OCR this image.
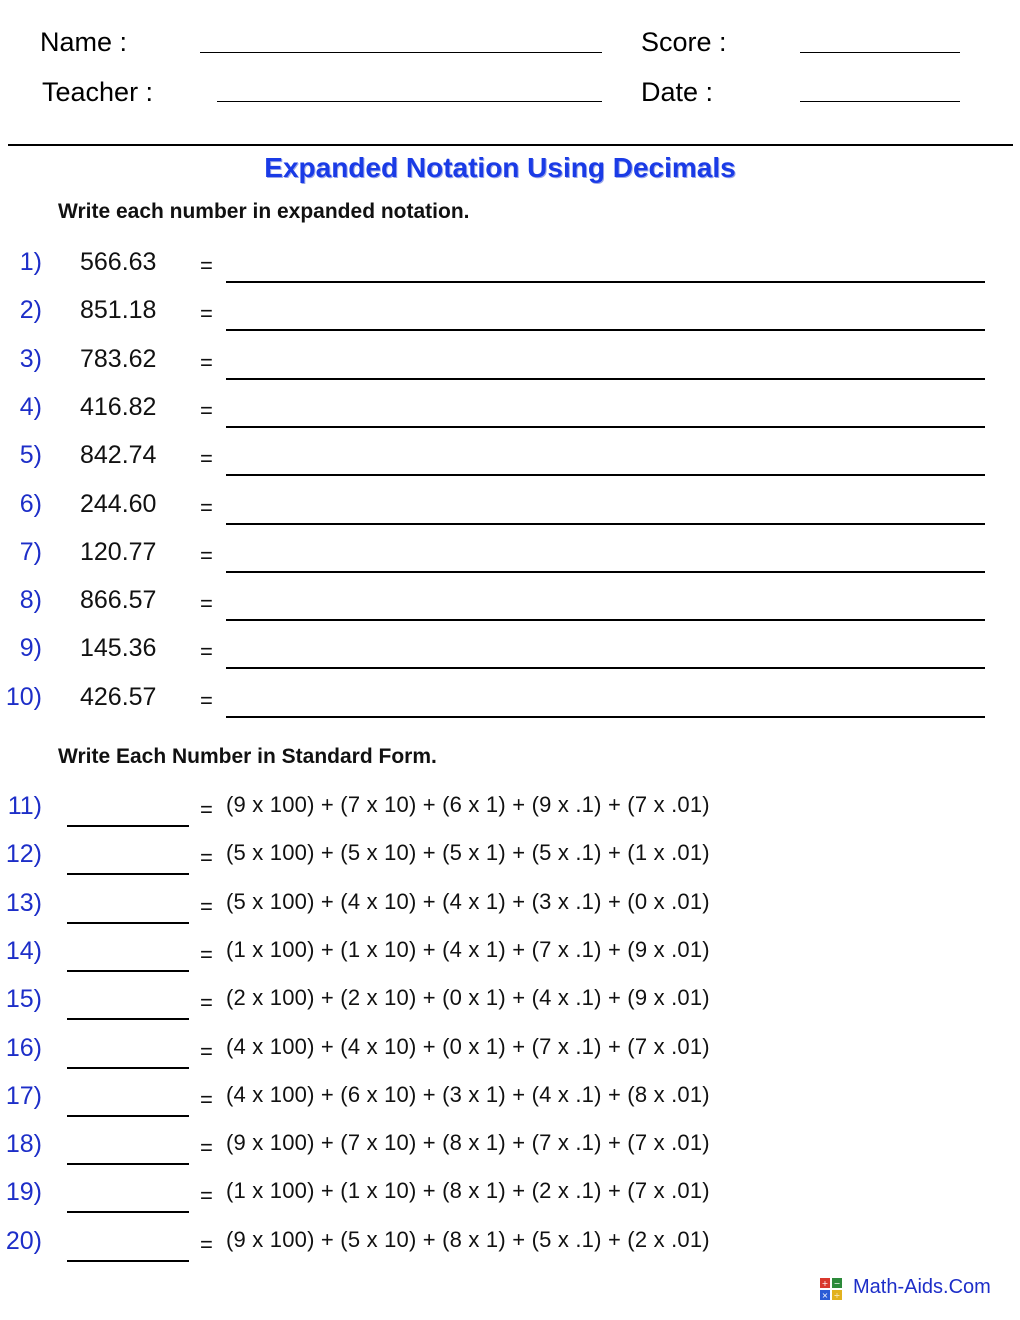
Name :
Teacher :
Score :
Date :
Expanded Notation Using Decimals
Write each number in expanded notation.
1) 566.63 =
2) 851.18 =
3) 783.62 =
4) 416.82 =
5) 842.74 =
6) 244.60 =
7) 120.77 =
8) 866.57 =
9) 145.36 =
10) 426.57 =
Write Each Number in Standard Form.
11)	= (9 x 100) + (7 x 10) + (6 x 1) + (9 x .1) + (7 x .01)
12)	= (5 x 100) + (5 x 10) + (5 x 1) + (5 x .1) + (1 x .01)
13)	= (5 x 100) + (4 x 10) + (4 x 1) + (3 x .1) + (0 x .01)
14)	= (1 x 100) + (1 x 10) + (4 x 1) + (7 x .1) + (9 x .01)
15)	= (2 x 100) + (2 x 10) + (0 x 1) + (4 x .1) + (9 x .01)
16)	= (4 x 100) + (4 x 10) + (0 x 1) + (7 x .1) + (7 x .01)
17)	= (4 x 100) + (6 x 10) + (3 x 1) + (4 x .1) + (8 x .01)
18)	= (9 x 100) + (7 x 10) + (8 x 1) + (7 x .1) + (7 x .01)
19)	= (1 x 100) + (1 x 10) + (8 x 1) + (2 x .1) + (7 x .01)
20)	= (9 x 100) + (5 x 10) + (8 x 1) + (5 x .1) + (2 x .01)
+ −
× ÷ Math-Aids.Com
